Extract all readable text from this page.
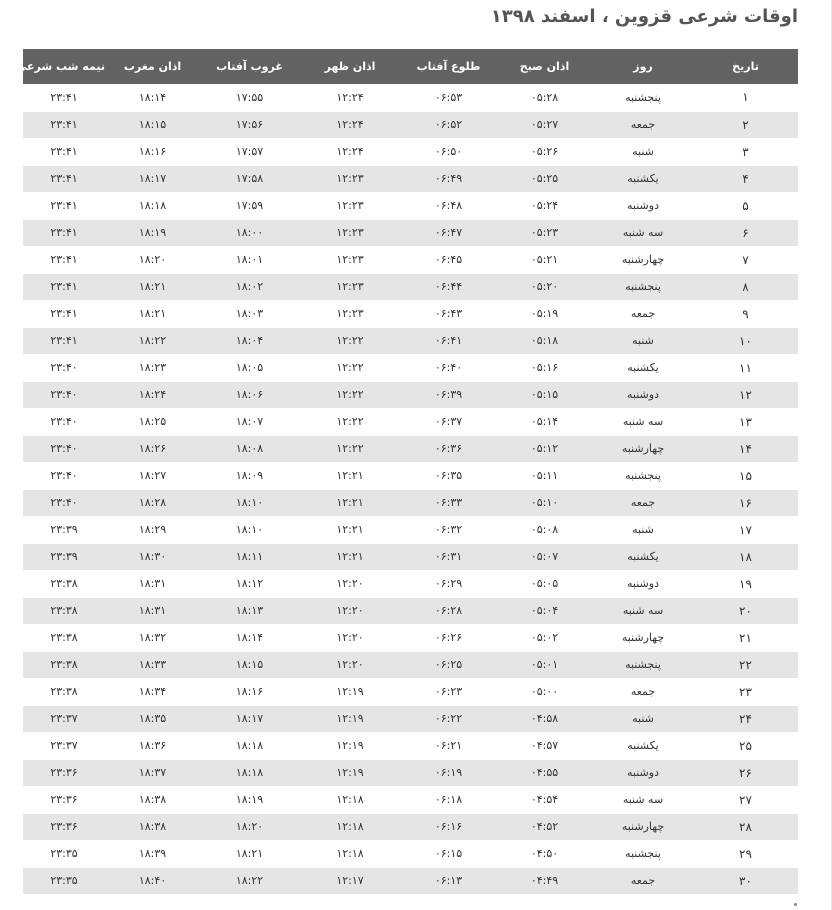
اوقات شرعی قزوین ، اسفند ۱۳۹۸
تاریخ	روز	اذان صبح	طلوع آفتاب	اذان ظهر	غروب آفتاب	اذان مغرب	نیمه شب شرعی
۱	پنجشنبه	۰۵:۲۸	۰۶:۵۳	۱۲:۲۴	۱۷:۵۵	۱۸:۱۴	۲۳:۴۱
۲	جمعه	۰۵:۲۷	۰۶:۵۲	۱۲:۲۴	۱۷:۵۶	۱۸:۱۵	۲۳:۴۱
۳	شنبه	۰۵:۲۶	۰۶:۵۰	۱۲:۲۴	۱۷:۵۷	۱۸:۱۶	۲۳:۴۱
۴	یکشنبه	۰۵:۲۵	۰۶:۴۹	۱۲:۲۳	۱۷:۵۸	۱۸:۱۷	۲۳:۴۱
۵	دوشنبه	۰۵:۲۴	۰۶:۴۸	۱۲:۲۳	۱۷:۵۹	۱۸:۱۸	۲۳:۴۱
۶	سه شنبه	۰۵:۲۳	۰۶:۴۷	۱۲:۲۳	۱۸:۰۰	۱۸:۱۹	۲۳:۴۱
۷	چهارشنبه	۰۵:۲۱	۰۶:۴۵	۱۲:۲۳	۱۸:۰۱	۱۸:۲۰	۲۳:۴۱
۸	پنجشنبه	۰۵:۲۰	۰۶:۴۴	۱۲:۲۳	۱۸:۰۲	۱۸:۲۱	۲۳:۴۱
۹	جمعه	۰۵:۱۹	۰۶:۴۳	۱۲:۲۳	۱۸:۰۳	۱۸:۲۱	۲۳:۴۱
۱۰	شنبه	۰۵:۱۸	۰۶:۴۱	۱۲:۲۲	۱۸:۰۴	۱۸:۲۲	۲۳:۴۱
۱۱	یکشنبه	۰۵:۱۶	۰۶:۴۰	۱۲:۲۲	۱۸:۰۵	۱۸:۲۳	۲۳:۴۰
۱۲	دوشنبه	۰۵:۱۵	۰۶:۳۹	۱۲:۲۲	۱۸:۰۶	۱۸:۲۴	۲۳:۴۰
۱۳	سه شنبه	۰۵:۱۴	۰۶:۳۷	۱۲:۲۲	۱۸:۰۷	۱۸:۲۵	۲۳:۴۰
۱۴	چهارشنبه	۰۵:۱۲	۰۶:۳۶	۱۲:۲۲	۱۸:۰۸	۱۸:۲۶	۲۳:۴۰
۱۵	پنجشنبه	۰۵:۱۱	۰۶:۳۵	۱۲:۲۱	۱۸:۰۹	۱۸:۲۷	۲۳:۴۰
۱۶	جمعه	۰۵:۱۰	۰۶:۳۳	۱۲:۲۱	۱۸:۱۰	۱۸:۲۸	۲۳:۴۰
۱۷	شنبه	۰۵:۰۸	۰۶:۳۲	۱۲:۲۱	۱۸:۱۰	۱۸:۲۹	۲۳:۳۹
۱۸	یکشنبه	۰۵:۰۷	۰۶:۳۱	۱۲:۲۱	۱۸:۱۱	۱۸:۳۰	۲۳:۳۹
۱۹	دوشنبه	۰۵:۰۵	۰۶:۲۹	۱۲:۲۰	۱۸:۱۲	۱۸:۳۱	۲۳:۳۸
۲۰	سه شنبه	۰۵:۰۴	۰۶:۲۸	۱۲:۲۰	۱۸:۱۳	۱۸:۳۱	۲۳:۳۸
۲۱	چهارشنبه	۰۵:۰۲	۰۶:۲۶	۱۲:۲۰	۱۸:۱۴	۱۸:۳۲	۲۳:۳۸
۲۲	پنجشنبه	۰۵:۰۱	۰۶:۲۵	۱۲:۲۰	۱۸:۱۵	۱۸:۳۳	۲۳:۳۸
۲۳	جمعه	۰۵:۰۰	۰۶:۲۳	۱۲:۱۹	۱۸:۱۶	۱۸:۳۴	۲۳:۳۸
۲۴	شنبه	۰۴:۵۸	۰۶:۲۲	۱۲:۱۹	۱۸:۱۷	۱۸:۳۵	۲۳:۳۷
۲۵	یکشنبه	۰۴:۵۷	۰۶:۲۱	۱۲:۱۹	۱۸:۱۸	۱۸:۳۶	۲۳:۳۷
۲۶	دوشنبه	۰۴:۵۵	۰۶:۱۹	۱۲:۱۹	۱۸:۱۸	۱۸:۳۷	۲۳:۳۶
۲۷	سه شنبه	۰۴:۵۴	۰۶:۱۸	۱۲:۱۸	۱۸:۱۹	۱۸:۳۸	۲۳:۳۶
۲۸	چهارشنبه	۰۴:۵۲	۰۶:۱۶	۱۲:۱۸	۱۸:۲۰	۱۸:۳۸	۲۳:۳۶
۲۹	پنجشنبه	۰۴:۵۰	۰۶:۱۵	۱۲:۱۸	۱۸:۲۱	۱۸:۳۹	۲۳:۳۵
۳۰	جمعه	۰۴:۴۹	۰۶:۱۳	۱۲:۱۷	۱۸:۲۲	۱۸:۴۰	۲۳:۳۵
